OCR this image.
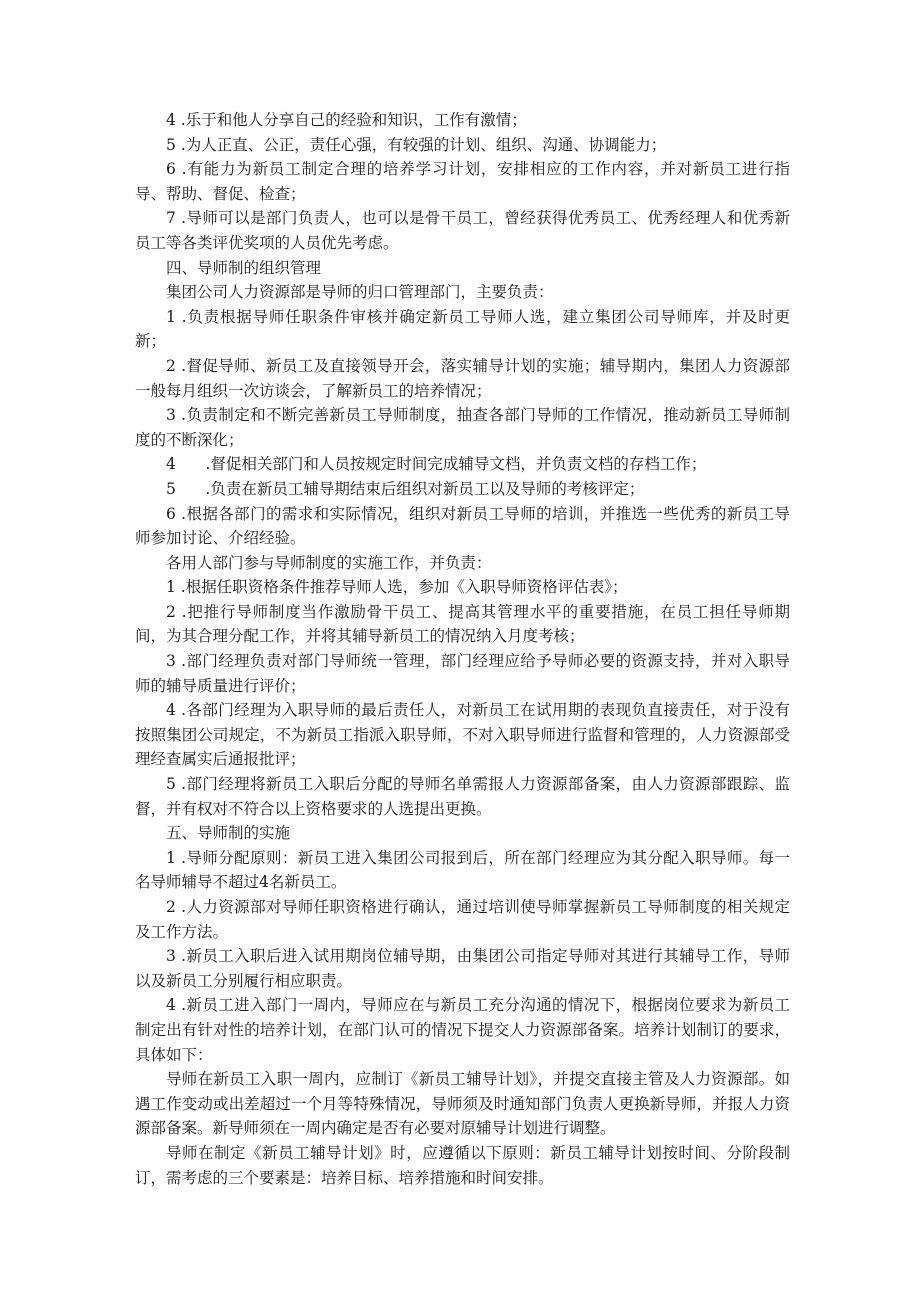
4 .乐于和他人分享自己的经验和知识，工作有激情；

5 .为人正直、公正，责任心强，有较强的计划、组织、沟通、协调能力；

6 .有能力为新员工制定合理的培养学习计划，安排相应的工作内容，并对新员工进行指导、帮助、督促、检查；

7 .导师可以是部门负责人，也可以是骨干员工，曾经获得优秀员工、优秀经理人和优秀新员工等各类评优奖项的人员优先考虑。

四、导师制的组织管理

集团公司人力资源部是导师的归口管理部门，主要负责：

1 .负责根据导师任职条件审核并确定新员工导师人选，建立集团公司导师库，并及时更新；

2 .督促导师、新员工及直接领导开会，落实辅导计划的实施；辅导期内，集团人力资源部一般每月组织一次访谈会，了解新员工的培养情况；

3 .负责制定和不断完善新员工导师制度，抽查各部门导师的工作情况，推动新员工导师制度的不断深化；

4      .督促相关部门和人员按规定时间完成辅导文档，并负责文档的存档工作；

5      .负责在新员工辅导期结束后组织对新员工以及导师的考核评定；

6 .根据各部门的需求和实际情况，组织对新员工导师的培训，并推选一些优秀的新员工导师参加讨论、介绍经验。

各用人部门参与导师制度的实施工作，并负责：

1 .根据任职资格条件推荐导师人选，参加《入职导师资格评估表》；

2 .把推行导师制度当作激励骨干员工、提高其管理水平的重要措施，在员工担任导师期间，为其合理分配工作，并将其辅导新员工的情况纳入月度考核；

3 .部门经理负责对部门导师统一管理，部门经理应给予导师必要的资源支持，并对入职导师的辅导质量进行评价；

4 .各部门经理为入职导师的最后责任人，对新员工在试用期的表现负直接责任，对于没有按照集团公司规定，不为新员工指派入职导师，不对入职导师进行监督和管理的，人力资源部受理经查属实后通报批评；

5 .部门经理将新员工入职后分配的导师名单需报人力资源部备案，由人力资源部跟踪、监督，并有权对不符合以上资格要求的人选提出更换。

五、导师制的实施

1 .导师分配原则：新员工进入集团公司报到后，所在部门经理应为其分配入职导师。每一名导师辅导不超过4名新员工。

2 .人力资源部对导师任职资格进行确认，通过培训使导师掌握新员工导师制度的相关规定及工作方法。

3 .新员工入职后进入试用期岗位辅导期，由集团公司指定导师对其进行其辅导工作，导师以及新员工分别履行相应职责。

4 .新员工进入部门一周内，导师应在与新员工充分沟通的情况下，根据岗位要求为新员工制定出有针对性的培养计划，在部门认可的情况下提交人力资源部备案。培养计划制订的要求，具体如下：

导师在新员工入职一周内，应制订《新员工辅导计划》，并提交直接主管及人力资源部。如遇工作变动或出差超过一个月等特殊情况，导师须及时通知部门负责人更换新导师，并报人力资源部备案。新导师须在一周内确定是否有必要对原辅导计划进行调整。

导师在制定《新员工辅导计划》时，应遵循以下原则：新员工辅导计划按时间、分阶段制订，需考虑的三个要素是：培养目标、培养措施和时间安排。
